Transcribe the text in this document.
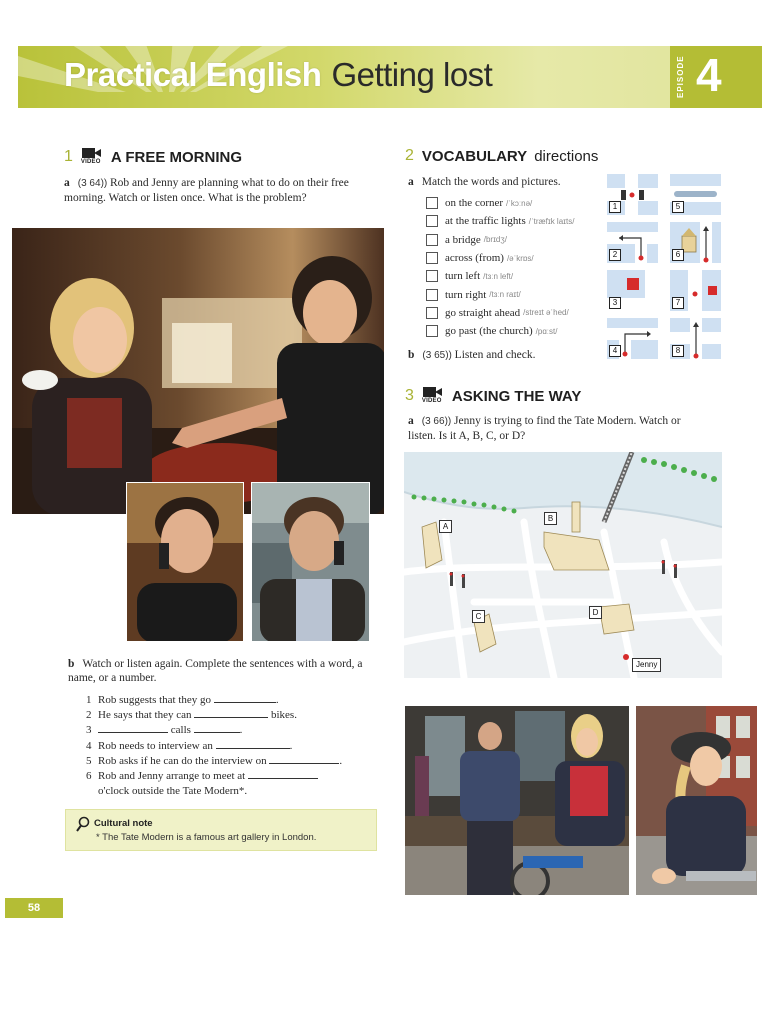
Practical English Getting lost	EPISODE 4
1 VIDEO A FREE MORNING
a (3 64)) Rob and Jenny are planning what to do on their free morning. Watch or listen once. What is the problem?
b Watch or listen again. Complete the sentences with a word, a name, or a number.
1 Rob suggests that they go	.
2 He says that they can	bikes.
3	calls	.
4 Rob needs to interview an	.
5 Rob asks if he can do the interview on	.
6 Rob and Jenny arrange to meet at
o'clock outside the Tate Modern*.
Cultural note
* The Tate Modern is a famous art gallery in London.
58
2 VOCABULARY directions
a Match the words and pictures.
on the corner /ˈkɔːnə/
at the traffic lights /ˈtræfɪk laɪts/
a bridge /brɪdʒ/
across (from) /əˈkrɒs/
turn left /tɜːn left/
turn right /tɜːn raɪt/
go straight ahead /streɪt əˈhed/
go past (the church) /pɑːst/
1	5
2	6
3	7
4	8
b (3 65)) Listen and check.
3 VIDEO ASKING THE WAY
a (3 66)) Jenny is trying to find the Tate Modern. Watch or listen. Is it A, B, C, or D?
A
B
C	D
Jenny
